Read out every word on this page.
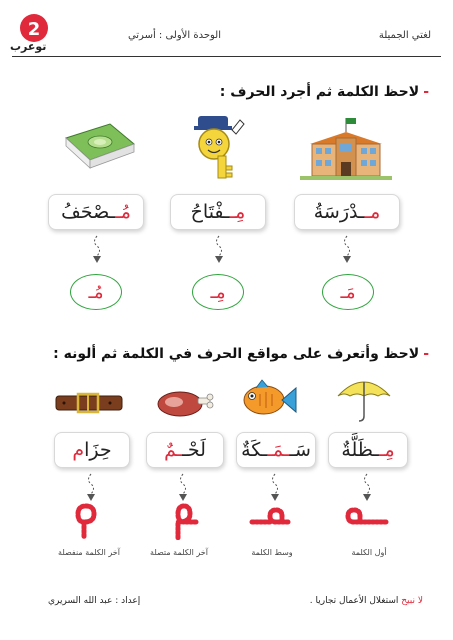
لغتي الجميلة
الوحدة الأولى : أسرتي
2
توعرب
-لاحظ الكلمة ثم أجرد الحرف :
مــدْرَسَةُ
مِــفْتَاحُ
مُــصْحَفُ
مَـ
مِـ
مُـ
-لاحظ وأتعرف على مواقع الحرف في الكلمة ثم ألونه :
مِــظَلَّةٌ
سَــمَــكَةٌ
لَحْــمٌ
حِزَام
أول الكلمة
وسط الكلمة
آخر الكلمة متصلة
آخر الكلمة منفصلة
إعداد : عبد الله السريري	لا نبيح استغلال الأعمال تجاريا .
